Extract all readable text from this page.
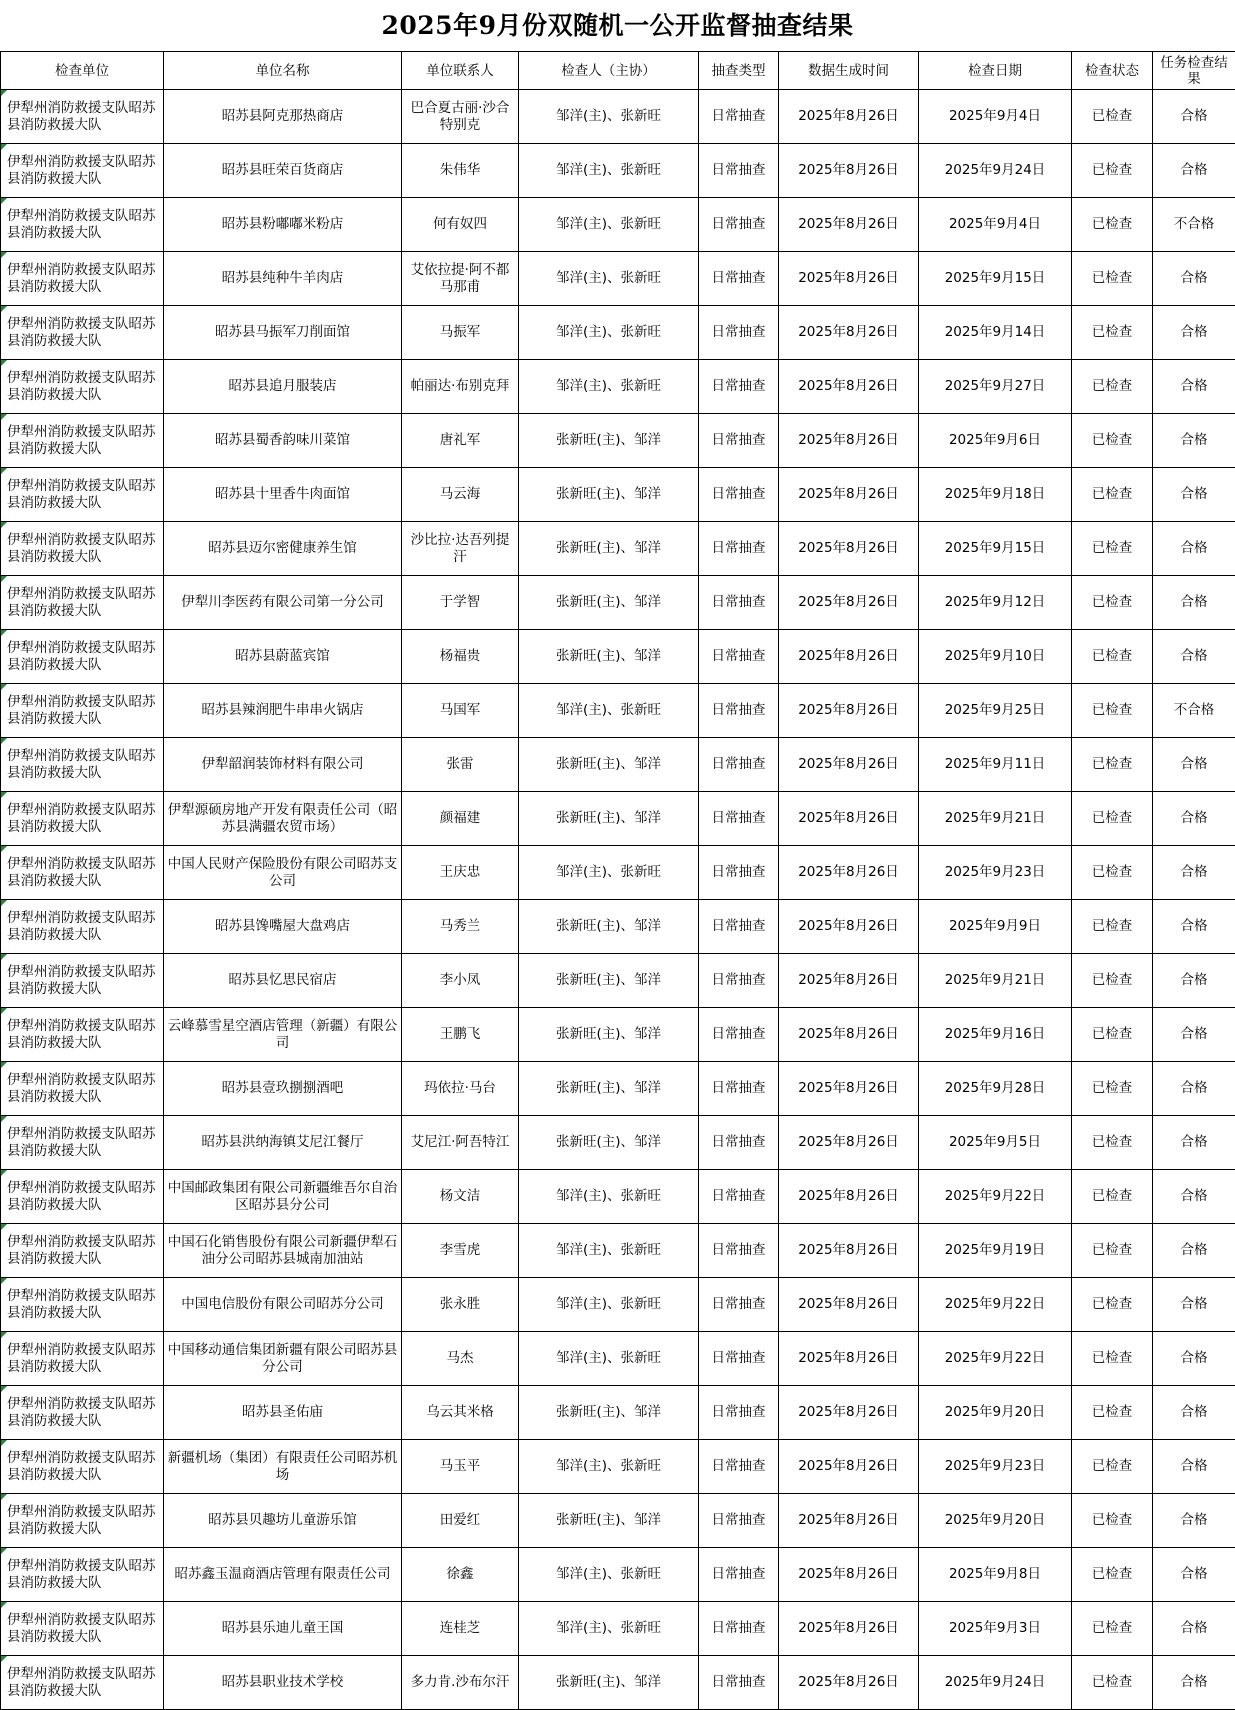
2025年9月份双随机一公开监督抽查结果
检查单位	单位名称	单位联系人	检查人（主协）	抽查类型	数据生成时间	检查日期	检查状态	任务检查结果
伊犁州消防救援支队昭苏县消防救援大队	昭苏县阿克那热商店	巴合夏古丽·沙合特别克	邹洋(主)、张新旺	日常抽查	2025年8月26日	2025年9月4日	已检查	合格
伊犁州消防救援支队昭苏县消防救援大队	昭苏县旺荣百货商店	朱伟华	邹洋(主)、张新旺	日常抽查	2025年8月26日	2025年9月24日	已检查	合格
伊犁州消防救援支队昭苏县消防救援大队	昭苏县粉嘟嘟米粉店	何有奴四	邹洋(主)、张新旺	日常抽查	2025年8月26日	2025年9月4日	已检查	不合格
伊犁州消防救援支队昭苏县消防救援大队	昭苏县纯种牛羊肉店	艾依拉提·阿不都马那甫	邹洋(主)、张新旺	日常抽查	2025年8月26日	2025年9月15日	已检查	合格
伊犁州消防救援支队昭苏县消防救援大队	昭苏县马振军刀削面馆	马振军	邹洋(主)、张新旺	日常抽查	2025年8月26日	2025年9月14日	已检查	合格
伊犁州消防救援支队昭苏县消防救援大队	昭苏县追月服装店	帕丽达·布别克拜	邹洋(主)、张新旺	日常抽查	2025年8月26日	2025年9月27日	已检查	合格
伊犁州消防救援支队昭苏县消防救援大队	昭苏县蜀香韵味川菜馆	唐礼军	张新旺(主)、邹洋	日常抽查	2025年8月26日	2025年9月6日	已检查	合格
伊犁州消防救援支队昭苏县消防救援大队	昭苏县十里香牛肉面馆	马云海	张新旺(主)、邹洋	日常抽查	2025年8月26日	2025年9月18日	已检查	合格
伊犁州消防救援支队昭苏县消防救援大队	昭苏县迈尔密健康养生馆	沙比拉·达吾列提汗	张新旺(主)、邹洋	日常抽查	2025年8月26日	2025年9月15日	已检查	合格
伊犁州消防救援支队昭苏县消防救援大队	伊犁川李医药有限公司第一分公司	于学智	张新旺(主)、邹洋	日常抽查	2025年8月26日	2025年9月12日	已检查	合格
伊犁州消防救援支队昭苏县消防救援大队	昭苏县蔚蓝宾馆	杨福贵	张新旺(主)、邹洋	日常抽查	2025年8月26日	2025年9月10日	已检查	合格
伊犁州消防救援支队昭苏县消防救援大队	昭苏县辣润肥牛串串火锅店	马国军	邹洋(主)、张新旺	日常抽查	2025年8月26日	2025年9月25日	已检查	不合格
伊犁州消防救援支队昭苏县消防救援大队	伊犁韶润装饰材料有限公司	张雷	张新旺(主)、邹洋	日常抽查	2025年8月26日	2025年9月11日	已检查	合格
伊犁州消防救援支队昭苏县消防救援大队	伊犁源硕房地产开发有限责任公司（昭苏县满疆农贸市场）	颜福建	张新旺(主)、邹洋	日常抽查	2025年8月26日	2025年9月21日	已检查	合格
伊犁州消防救援支队昭苏县消防救援大队	中国人民财产保险股份有限公司昭苏支公司	王庆忠	邹洋(主)、张新旺	日常抽查	2025年8月26日	2025年9月23日	已检查	合格
伊犁州消防救援支队昭苏县消防救援大队	昭苏县馋嘴屋大盘鸡店	马秀兰	张新旺(主)、邹洋	日常抽查	2025年8月26日	2025年9月9日	已检查	合格
伊犁州消防救援支队昭苏县消防救援大队	昭苏县忆思民宿店	李小凤	张新旺(主)、邹洋	日常抽查	2025年8月26日	2025年9月21日	已检查	合格
伊犁州消防救援支队昭苏县消防救援大队	云峰慕雪星空酒店管理（新疆）有限公司	王鹏飞	张新旺(主)、邹洋	日常抽查	2025年8月26日	2025年9月16日	已检查	合格
伊犁州消防救援支队昭苏县消防救援大队	昭苏县壹玖捌捌酒吧	玛依拉·马台	张新旺(主)、邹洋	日常抽查	2025年8月26日	2025年9月28日	已检查	合格
伊犁州消防救援支队昭苏县消防救援大队	昭苏县洪纳海镇艾尼江餐厅	艾尼江·阿吾特江	张新旺(主)、邹洋	日常抽查	2025年8月26日	2025年9月5日	已检查	合格
伊犁州消防救援支队昭苏县消防救援大队	中国邮政集团有限公司新疆维吾尔自治区昭苏县分公司	杨文洁	邹洋(主)、张新旺	日常抽查	2025年8月26日	2025年9月22日	已检查	合格
伊犁州消防救援支队昭苏县消防救援大队	中国石化销售股份有限公司新疆伊犁石油分公司昭苏县城南加油站	李雪虎	邹洋(主)、张新旺	日常抽查	2025年8月26日	2025年9月19日	已检查	合格
伊犁州消防救援支队昭苏县消防救援大队	中国电信股份有限公司昭苏分公司	张永胜	邹洋(主)、张新旺	日常抽查	2025年8月26日	2025年9月22日	已检查	合格
伊犁州消防救援支队昭苏县消防救援大队	中国移动通信集团新疆有限公司昭苏县分公司	马杰	邹洋(主)、张新旺	日常抽查	2025年8月26日	2025年9月22日	已检查	合格
伊犁州消防救援支队昭苏县消防救援大队	昭苏县圣佑庙	乌云其米格	张新旺(主)、邹洋	日常抽查	2025年8月26日	2025年9月20日	已检查	合格
伊犁州消防救援支队昭苏县消防救援大队	新疆机场（集团）有限责任公司昭苏机场	马玉平	邹洋(主)、张新旺	日常抽查	2025年8月26日	2025年9月23日	已检查	合格
伊犁州消防救援支队昭苏县消防救援大队	昭苏县贝趣坊儿童游乐馆	田爱红	张新旺(主)、邹洋	日常抽查	2025年8月26日	2025年9月20日	已检查	合格
伊犁州消防救援支队昭苏县消防救援大队	昭苏鑫玉温商酒店管理有限责任公司	徐鑫	邹洋(主)、张新旺	日常抽查	2025年8月26日	2025年9月8日	已检查	合格
伊犁州消防救援支队昭苏县消防救援大队	昭苏县乐迪儿童王国	连桂芝	邹洋(主)、张新旺	日常抽查	2025年8月26日	2025年9月3日	已检查	合格
伊犁州消防救援支队昭苏县消防救援大队	昭苏县职业技术学校	多力肯.沙布尔汗	张新旺(主)、邹洋	日常抽查	2025年8月26日	2025年9月24日	已检查	合格
